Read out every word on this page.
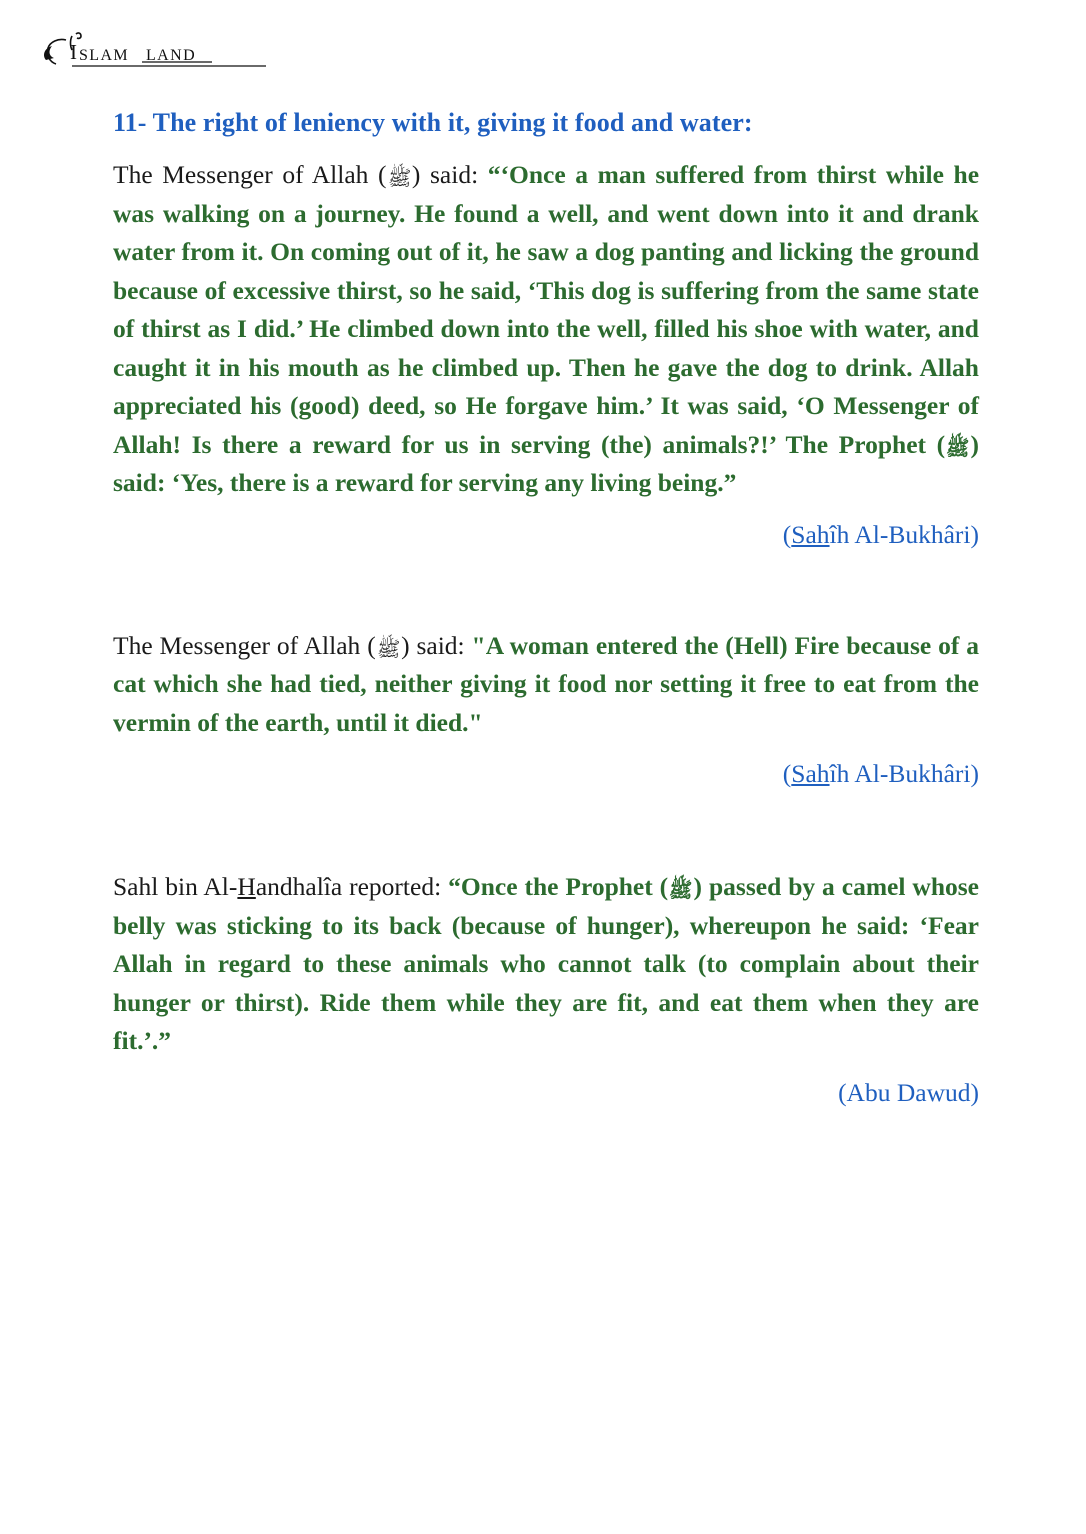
I SLAM LAND
11- The right of leniency with it, giving it food and water:

The Messenger of Allah (ﷺ) said: “‘Once a man suffered from thirst while he was walking on a journey. He found a well, and went down into it and drank water from it. On coming out of it, he saw a dog panting and licking the ground because of excessive thirst, so he said, ‘This dog is suffering from the same state of thirst as I did.’ He climbed down into the well, filled his shoe with water, and caught it in his mouth as he climbed up. Then he gave the dog to drink. Allah appreciated his (good) deed, so He forgave him.’ It was said, ‘O Messenger of Allah! Is there a reward for us in serving (the) animals?!’ The Prophet (ﷺ) said: ‘Yes, there is a reward for serving any living being.”

(Sahîh Al-Bukhâri)

The Messenger of Allah (ﷺ) said: "A woman entered the (Hell) Fire because of a cat which she had tied, neither giving it food nor setting it free to eat from the vermin of the earth, until it died."

(Sahîh Al-Bukhâri)

Sahl bin Al-Handhalîa reported: “Once the Prophet (ﷺ) passed by a camel whose belly was sticking to its back (because of hunger), whereupon he said: ‘Fear Allah in regard to these animals who cannot talk (to complain about their hunger or thirst). Ride them while they are fit, and eat them when they are fit.’.”

(Abu Dawud)
